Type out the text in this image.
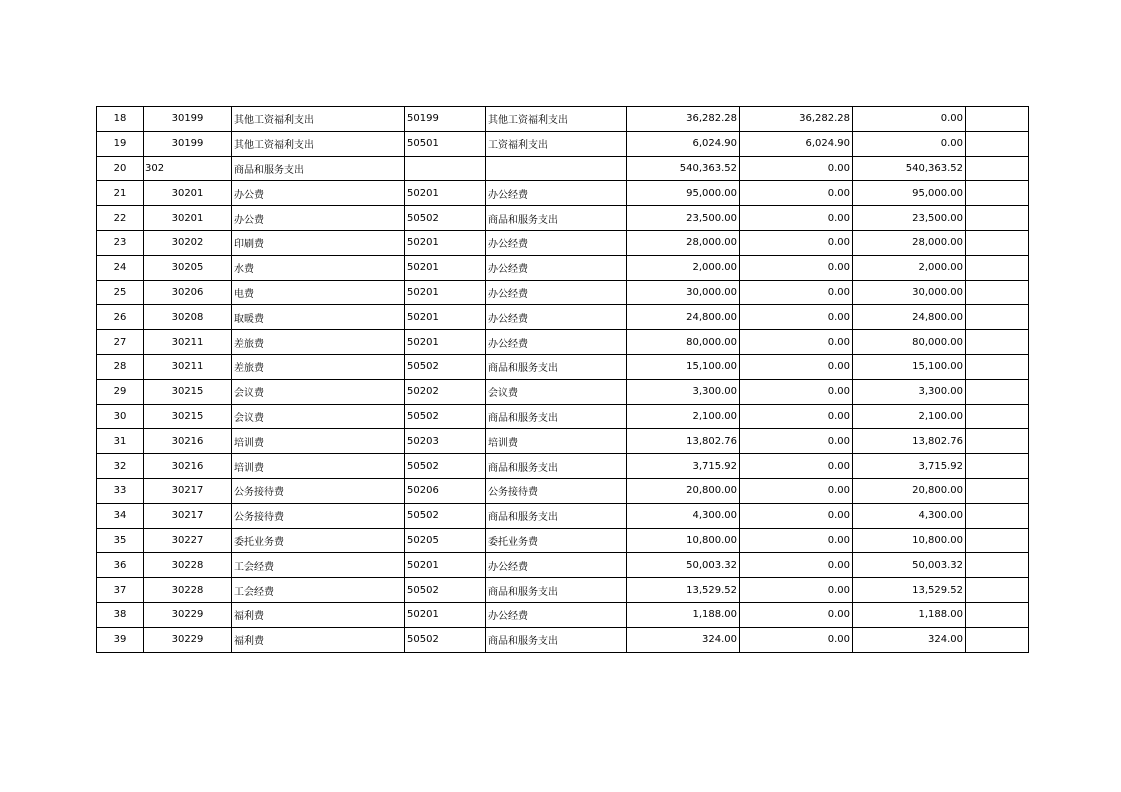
18	30199	其他工资福利支出	50199	其他工资福利支出	36,282.28	36,282.28	0.00	
19	30199	其他工资福利支出	50501	工资福利支出	6,024.90	6,024.90	0.00	
20	302	商品和服务支出			540,363.52	0.00	540,363.52	
21	30201	办公费	50201	办公经费	95,000.00	0.00	95,000.00	
22	30201	办公费	50502	商品和服务支出	23,500.00	0.00	23,500.00	
23	30202	印刷费	50201	办公经费	28,000.00	0.00	28,000.00	
24	30205	水费	50201	办公经费	2,000.00	0.00	2,000.00	
25	30206	电费	50201	办公经费	30,000.00	0.00	30,000.00	
26	30208	取暖费	50201	办公经费	24,800.00	0.00	24,800.00	
27	30211	差旅费	50201	办公经费	80,000.00	0.00	80,000.00	
28	30211	差旅费	50502	商品和服务支出	15,100.00	0.00	15,100.00	
29	30215	会议费	50202	会议费	3,300.00	0.00	3,300.00	
30	30215	会议费	50502	商品和服务支出	2,100.00	0.00	2,100.00	
31	30216	培训费	50203	培训费	13,802.76	0.00	13,802.76	
32	30216	培训费	50502	商品和服务支出	3,715.92	0.00	3,715.92	
33	30217	公务接待费	50206	公务接待费	20,800.00	0.00	20,800.00	
34	30217	公务接待费	50502	商品和服务支出	4,300.00	0.00	4,300.00	
35	30227	委托业务费	50205	委托业务费	10,800.00	0.00	10,800.00	
36	30228	工会经费	50201	办公经费	50,003.32	0.00	50,003.32	
37	30228	工会经费	50502	商品和服务支出	13,529.52	0.00	13,529.52	
38	30229	福利费	50201	办公经费	1,188.00	0.00	1,188.00	
39	30229	福利费	50502	商品和服务支出	324.00	0.00	324.00	
